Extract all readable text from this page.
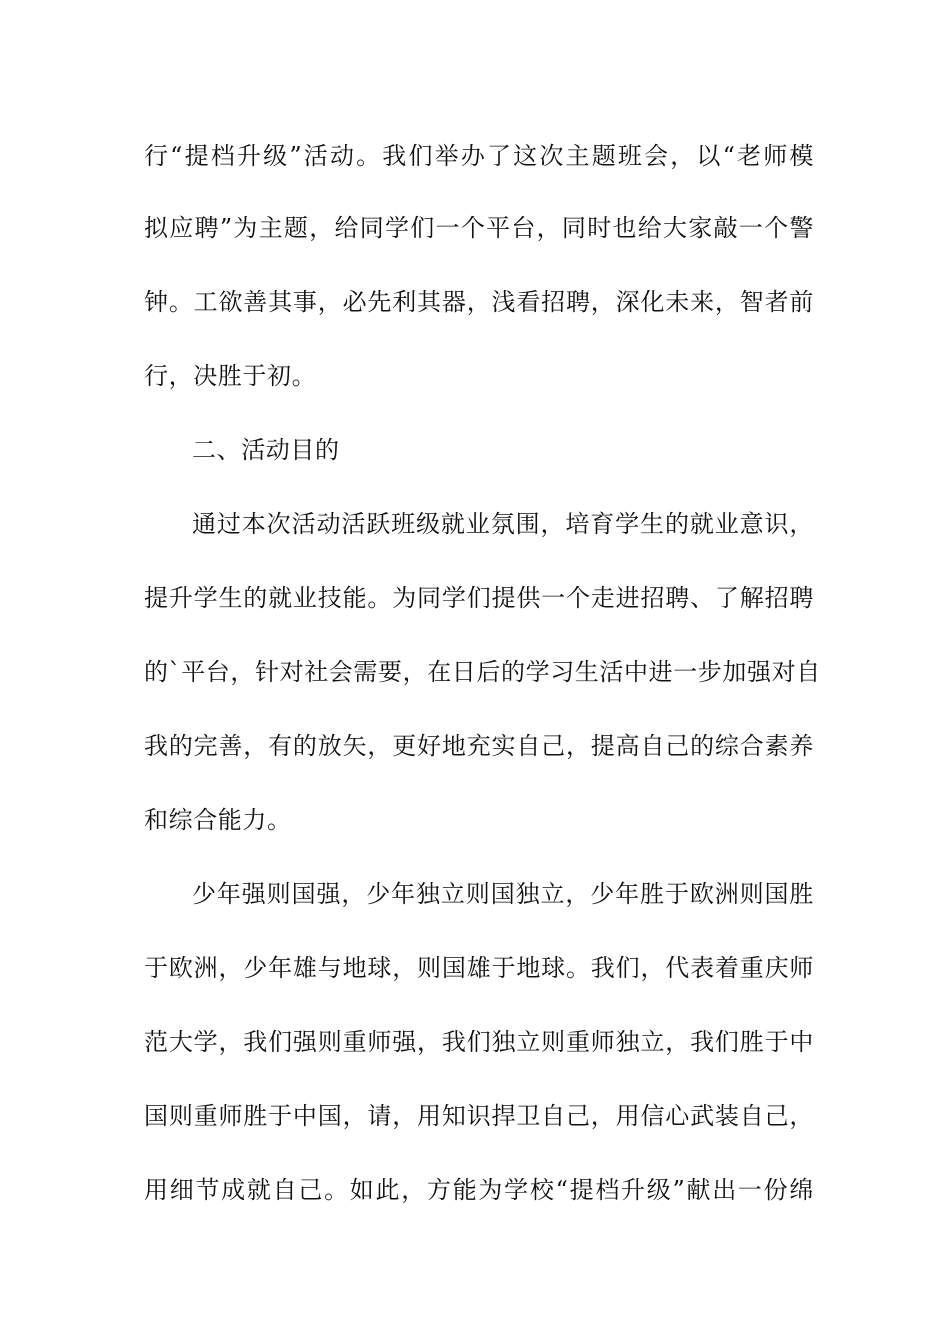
行“提档升级”活动。我们举办了这次主题班会，以“老师模
拟应聘”为主题，给同学们一个平台，同时也给大家敲一个警
钟。工欲善其事，必先利其器，浅看招聘，深化未来，智者前
行，决胜于初。
二、活动目的
通过本次活动活跃班级就业氛围，培育学生的就业意识，
提升学生的就业技能。为同学们提供一个走进招聘、了解招聘
的`平台，针对社会需要，在日后的学习生活中进一步加强对自
我的完善，有的放矢，更好地充实自己，提高自己的综合素养
和综合能力。
少年强则国强，少年独立则国独立，少年胜于欧洲则国胜
于欧洲，少年雄与地球，则国雄于地球。我们，代表着重庆师
范大学，我们强则重师强，我们独立则重师独立，我们胜于中
国则重师胜于中国，请，用知识捍卫自己，用信心武装自己，
用细节成就自己。如此，方能为学校“提档升级”献出一份绵
